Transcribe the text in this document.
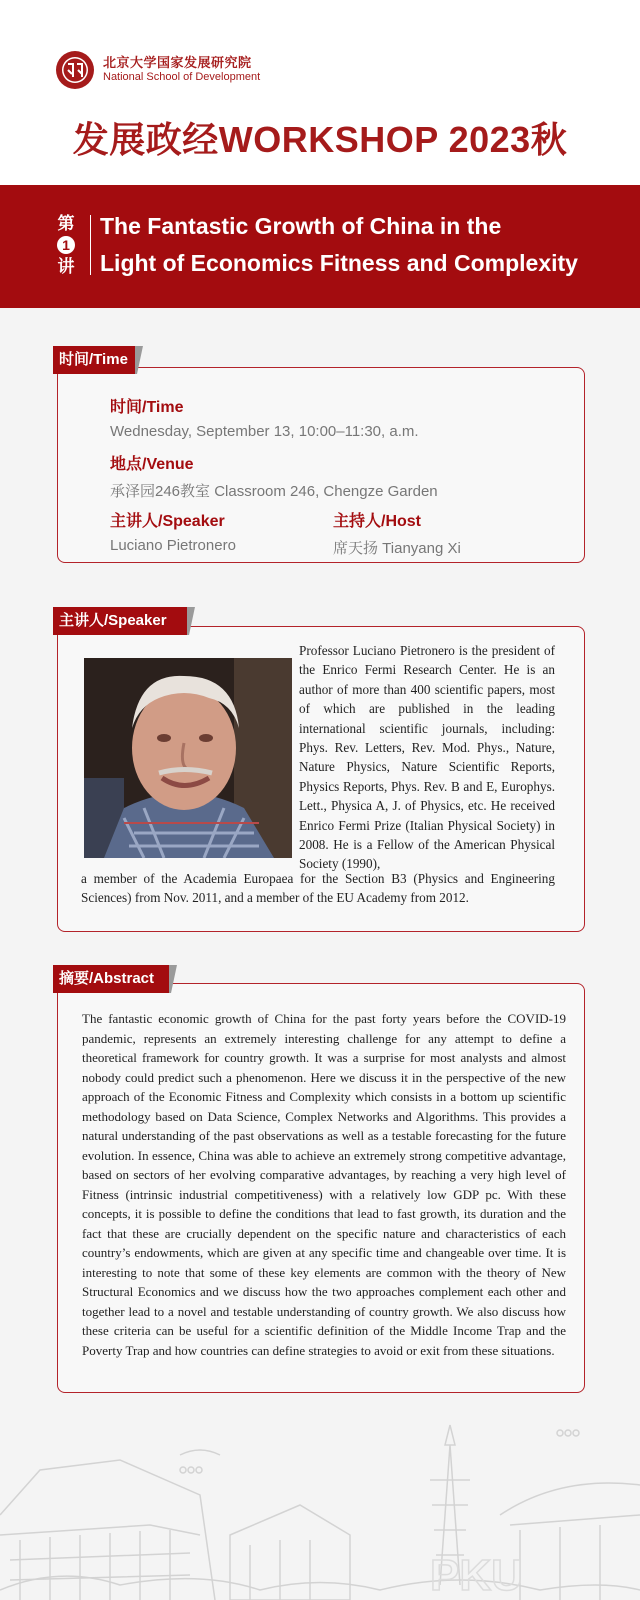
北京大学国家发展研究院
National School of Development
发展政经WORKSHOP 2023秋
第
1
讲
The Fantastic Growth of China in the
Light of Economics Fitness and Complexity
时间/Time
时间/Time
Wednesday, September 13, 10:00–11:30, a.m.
地点/Venue
承泽园246教室 Classroom 246, Chengze Garden
主讲人/Speaker
Luciano Pietronero
主持人/Host
席天扬 Tianyang Xi
主讲人/Speaker
Professor Luciano Pietronero is the president of the Enrico Fermi Research Center. He is an author of more than 400 scientific papers, most of which are published in the leading international scientific journals, including: Phys. Rev. Letters, Rev. Mod. Phys., Nature, Nature Physics, Nature Scientific Reports, Physics Reports, Phys. Rev. B and E, Europhys. Lett., Physica A, J. of Physics, etc. He received Enrico Fermi Prize (Italian Physical Society) in 2008. He is a Fellow of the American Physical Society (1990),
a member of the Academia Europaea for the Section B3 (Physics and Engineering Sciences) from Nov. 2011, and a member of the EU Academy from 2012.
摘要/Abstract
The fantastic economic growth of China for the past forty years before the COVID-19 pandemic, represents an extremely interesting challenge for any attempt to define a theoretical framework for country growth. It was a surprise for most analysts and almost nobody could predict such a phenomenon. Here we discuss it in the perspective of the new approach of the Economic Fitness and Complexity which consists in a bottom up scientific methodology based on Data Science, Complex Networks and Algorithms. This provides a natural understanding of the past observations as well as a testable forecasting for the future evolution. In essence, China was able to achieve an extremely strong competitive advantage, based on sectors of her evolving comparative advantages, by reaching a very high level of Fitness (intrinsic industrial competitiveness) with a relatively low GDP pc. With these concepts, it is possible to define the conditions that lead to fast growth, its duration and the fact that these are crucially dependent on the specific nature and characteristics of each country’s endowments, which are given at any specific time and changeable over time. It is interesting to note that some of these key elements are common with the theory of New Structural Economics and we discuss how the two approaches complement each other and together lead to a novel and testable understanding of country growth. We also discuss how these criteria can be useful for a scientific definition of the Middle Income Trap and the Poverty Trap and how countries can define strategies to avoid or exit from these situations.
PKU
